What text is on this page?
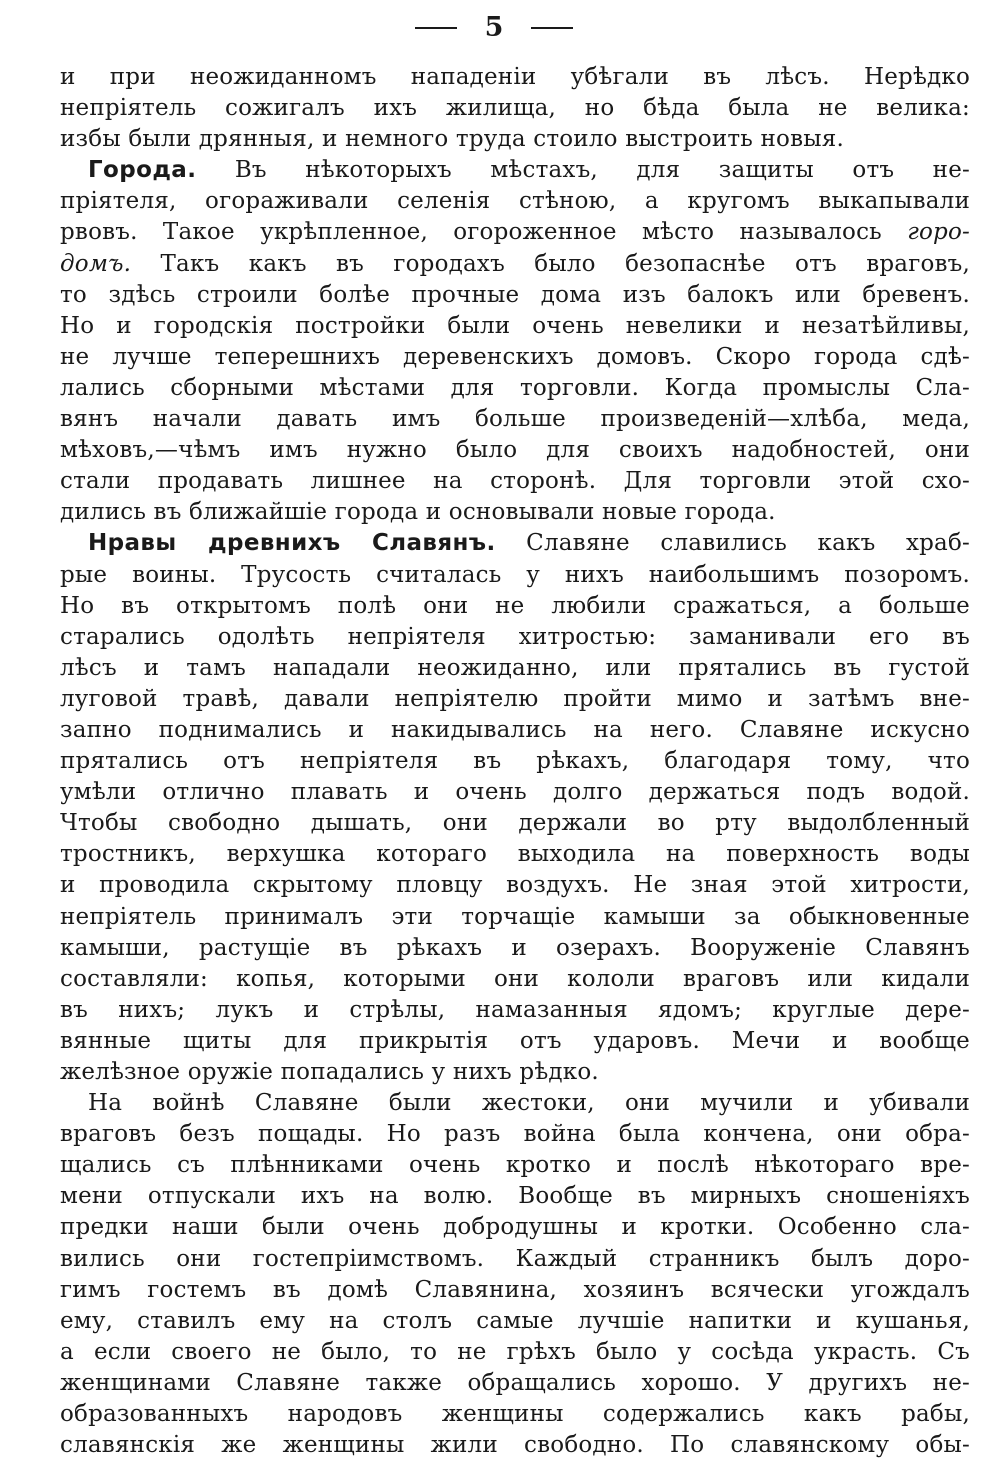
5
и при неожиданномъ нападенiи убѣгали въ лѣсъ. Нерѣдко
непрiятель сожигалъ ихъ жилища, но бѣда была не велика:
избы были дрянныя, и немного труда стоило выстроить новыя.
Города. Въ нѣкоторыхъ мѣстахъ, для защиты отъ не-
прiятеля, огораживали селенiя стѣною, а кругомъ выкапывали
рвовъ. Такое укрѣпленное, огороженное мѣсто называлось горо-
домъ. Такъ какъ въ городахъ было безопаснѣе отъ враговъ,
то здѣсь строили болѣе прочные дома изъ балокъ или бревенъ.
Но и городскiя постройки были очень невелики и незатѣйливы,
не лучше теперешнихъ деревенскихъ домовъ. Скоро города сдѣ-
лались сборными мѣстами для торговли. Когда промыслы Сла-
вянъ начали давать имъ больше произведенiй—хлѣба, меда,
мѣховъ,—чѣмъ имъ нужно было для своихъ надобностей, они
стали продавать лишнее на сторонѣ. Для торговли этой схо-
дились въ ближайшiе города и основывали новые города.
Нравы древнихъ Славянъ. Славяне славились какъ храб-
рые воины. Трусость считалась у нихъ наибольшимъ позоромъ.
Но въ открытомъ полѣ они не любили сражаться, а больше
старались одолѣть непрiятеля хитростью: заманивали его въ
лѣсъ и тамъ нападали неожиданно, или прятались въ густой
луговой травѣ, давали непрiятелю пройти мимо и затѣмъ вне-
запно поднимались и накидывались на него. Славяне искусно
прятались отъ непрiятеля въ рѣкахъ, благодаря тому, что
умѣли отлично плавать и очень долго держаться подъ водой.
Чтобы свободно дышать, они держали во рту выдолбленный
тростникъ, верхушка котораго выходила на поверхность воды
и проводила скрытому пловцу воздухъ. Не зная этой хитрости,
непрiятель принималъ эти торчащiе камыши за обыкновенные
камыши, растущiе въ рѣкахъ и озерахъ. Вооруженiе Славянъ
составляли: копья, которыми они кололи враговъ или кидали
въ нихъ; лукъ и стрѣлы, намазанныя ядомъ; круглые дере-
вянные щиты для прикрытiя отъ ударовъ. Мечи и вообще
желѣзное оружiе попадались у нихъ рѣдко.
На войнѣ Славяне были жестоки, они мучили и убивали
враговъ безъ пощады. Но разъ война была кончена, они обра-
щались съ плѣнниками очень кротко и послѣ нѣкотораго вре-
мени отпускали ихъ на волю. Вообще въ мирныхъ сношенiяхъ
предки наши были очень добродушны и кротки. Особенно сла-
вились они гостепрiимствомъ. Каждый странникъ былъ доро-
гимъ гостемъ въ домѣ Славянина, хозяинъ всячески угождалъ
ему, ставилъ ему на столъ самые лучшiе напитки и кушанья,
а если своего не было, то не грѣхъ было у сосѣда украсть. Съ
женщинами Славяне также обращались хорошо. У другихъ не-
образованныхъ народовъ женщины содержались какъ рабы,
славянскiя же женщины жили свободно. По славянскому обы-
